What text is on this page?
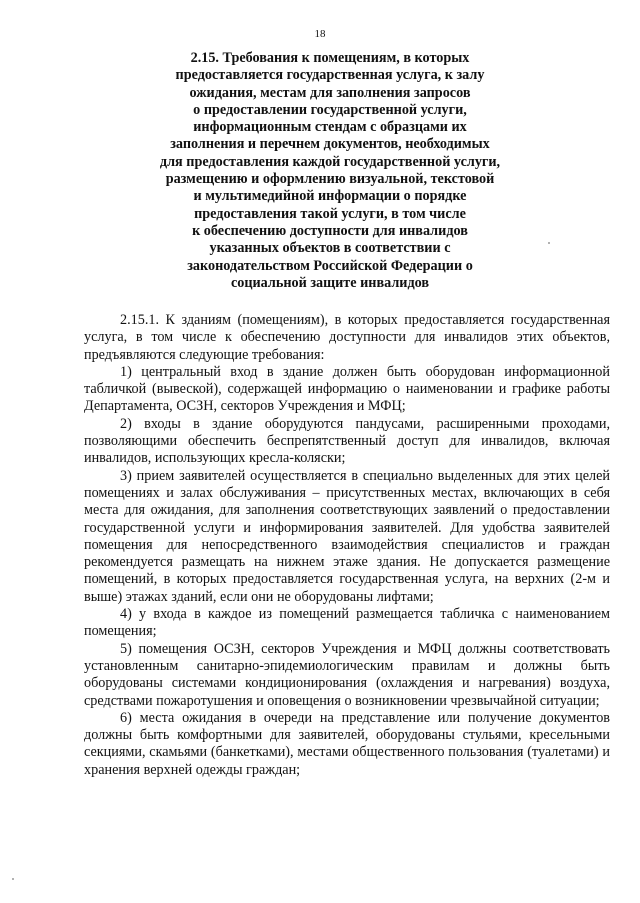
18
2.15. Требования к помещениям, в которых
предоставляется государственная услуга, к залу
ожидания, местам для заполнения запросов
о предоставлении государственной услуги,
информационным стендам с образцами их
заполнения и перечнем документов, необходимых
для предоставления каждой государственной услуги,
размещению и оформлению визуальной, текстовой
и мультимедийной информации о порядке
предоставления такой услуги, в том числе
к обеспечению доступности для инвалидов
указанных объектов в соответствии с
законодательством Российской Федерации о
социальной защите инвалидов

2.15.1. К зданиям (помещениям), в которых предоставляется государственная услуга, в том числе к обеспечению доступности для инвалидов этих объектов, предъявляются следующие требования:

1) центральный вход в здание должен быть оборудован информационной табличкой (вывеской), содержащей информацию о наименовании и графике работы Департамента, ОСЗН, секторов Учреждения и МФЦ;

2) входы в здание оборудуются пандусами, расширенными проходами, позволяющими обеспечить беспрепятственный доступ для инвалидов, включая инвалидов, использующих кресла-коляски;

3) прием заявителей осуществляется в специально выделенных для этих целей помещениях и залах обслуживания – присутственных местах, включающих в себя места для ожидания, для заполнения соответствующих заявлений о предоставлении государственной услуги и информирования заявителей. Для удобства заявителей помещения для непосредственного взаимодействия специалистов и граждан рекомендуется размещать на нижнем этаже здания. Не допускается размещение помещений, в которых предоставляется государственная услуга, на верхних (2-м и выше) этажах зданий, если они не оборудованы лифтами;

4) у входа в каждое из помещений размещается табличка с наименованием помещения;

5) помещения ОСЗН, секторов Учреждения и МФЦ должны соответствовать установленным санитарно-эпидемиологическим правилам и должны быть оборудованы системами кондиционирования (охлаждения и нагревания) воздуха, средствами пожаротушения и оповещения о возникновении чрезвычайной ситуации;

6) места ожидания в очереди на представление или получение документов должны быть комфортными для заявителей, оборудованы стульями, кресельными секциями, скамьями (банкетками), местами общественного пользования (туалетами) и хранения верхней одежды граждан;
